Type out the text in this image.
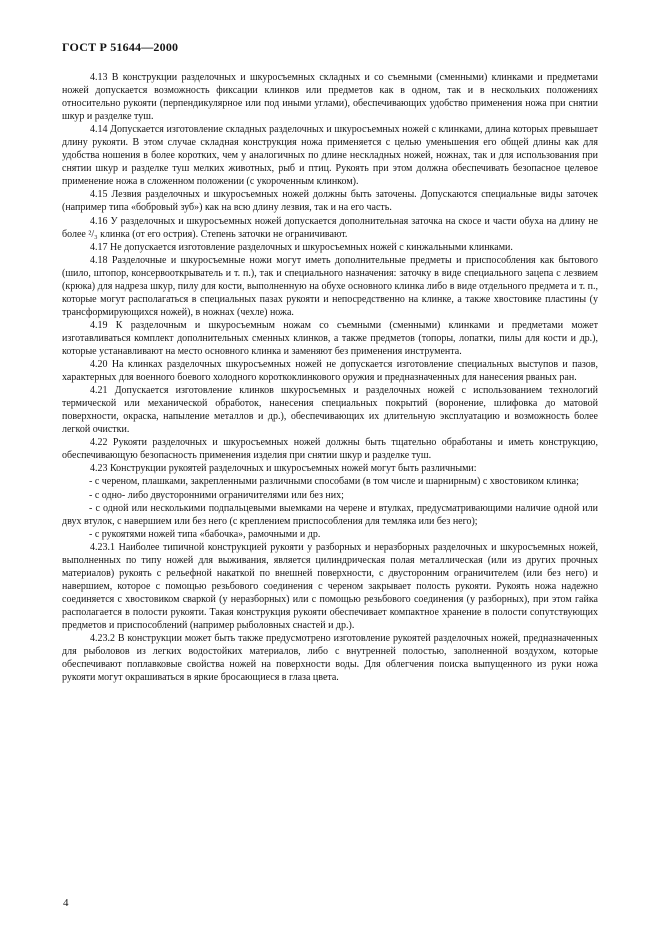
ГОСТ Р 51644—2000

4.13 В конструкции разделочных и шкуросъемных складных и со съемными (сменными) клинками и предметами ножей допускается возможность фиксации клинков или предметов как в одном, так и в нескольких положениях относительно рукояти (перпендикулярное или под иными углами), обеспечивающих удобство применения ножа при снятии шкур и разделке туш.

4.14 Допускается изготовление складных разделочных и шкуросъемных ножей с клинками, длина которых превышает длину рукояти. В этом случае складная конструкция ножа применяется с целью уменьшения его общей длины как для удобства ношения в более коротких, чем у аналогичных по длине нескладных ножей, ножнах, так и для использования при снятии шкур и разделке туш мелких животных, рыб и птиц. Рукоять при этом должна обеспечивать безопасное целевое применение ножа в сложенном положении (с укороченным клинком).

4.15 Лезвия разделочных и шкуросъемных ножей должны быть заточены. Допускаются специальные виды заточек (например типа «бобровый зуб») как на всю длину лезвия, так и на его часть.

4.16 У разделочных и шкуросъемных ножей допускается дополнительная заточка на скосе и части обуха на длину не более ²/₃ клинка (от его острия). Степень заточки не ограничивают.

4.17 Не допускается изготовление разделочных и шкуросъемных ножей с кинжальными клинками.

4.18 Разделочные и шкуросъемные ножи могут иметь дополнительные предметы и приспособления как бытового (шило, штопор, консервооткрыватель и т. п.), так и специального назначения: заточку в виде специального зацепа с лезвием (крюка) для надреза шкур, пилу для кости, выполненную на обухе основного клинка либо в виде отдельного предмета и т. п., которые могут располагаться в специальных пазах рукояти и непосредственно на клинке, а также хвостовике пластины (у трансформирующихся ножей), в ножнах (чехле) ножа.

4.19 К разделочным и шкуросъемным ножам со съемными (сменными) клинками и предметами может изготавливаться комплект дополнительных сменных клинков, а также предметов (топоры, лопатки, пилы для кости и др.), которые устанавливают на место основного клинка и заменяют без применения инструмента.

4.20 На клинках разделочных шкуросъемных ножей не допускается изготовление специальных выступов и пазов, характерных для военного боевого холодного короткоклинкового оружия и предназначенных для нанесения рваных ран.

4.21 Допускается изготовление клинков шкуросъемных и разделочных ножей с использованием технологий термической или механической обработок, нанесения специальных покрытий (воронение, шлифовка до матовой поверхности, окраска, напыление металлов и др.), обеспечивающих их длительную эксплуатацию и возможность более легкой очистки.

4.22 Рукояти разделочных и шкуросъемных ножей должны быть тщательно обработаны и иметь конструкцию, обеспечивающую безопасность применения изделия при снятии шкур и разделке туш.

4.23 Конструкции рукоятей разделочных и шкуросъемных ножей могут быть различными:

- с череном, плашками, закрепленными различными способами (в том числе и шарнирным) с хвостовиком клинка;

- с одно- либо двусторонними ограничителями или без них;

- с одной или несколькими подпальцевыми выемками на черене и втулках, предусматривающими наличие одной или двух втулок, с навершием или без него (с креплением приспособления для темляка или без него);

- с рукоятями ножей типа «бабочка», рамочными и др.

4.23.1 Наиболее типичной конструкцией рукояти у разборных и неразборных разделочных и шкуросъемных ножей, выполненных по типу ножей для выживания, является цилиндрическая полая металлическая (или из других прочных материалов) рукоять с рельефной накаткой по внешней поверхности, с двусторонним ограничителем (или без него) и навершием, которое с помощью резьбового соединения с череном закрывает полость рукояти. Рукоять ножа надежно соединяется с хвостовиком сваркой (у неразборных) или с помощью резьбового соединения (у разборных), при этом гайка располагается в полости рукояти. Такая конструкция рукояти обеспечивает компактное хранение в полости сопутствующих предметов и приспособлений (например рыболовных снастей и др.).

4.23.2 В конструкции может быть также предусмотрено изготовление рукоятей разделочных ножей, предназначенных для рыболовов из легких водостойких материалов, либо с внутренней полостью, заполненной воздухом, которые обеспечивают поплавковые свойства ножей на поверхности воды. Для облегчения поиска выпущенного из руки ножа рукояти могут окрашиваться в яркие бросающиеся в глаза цвета.

4
